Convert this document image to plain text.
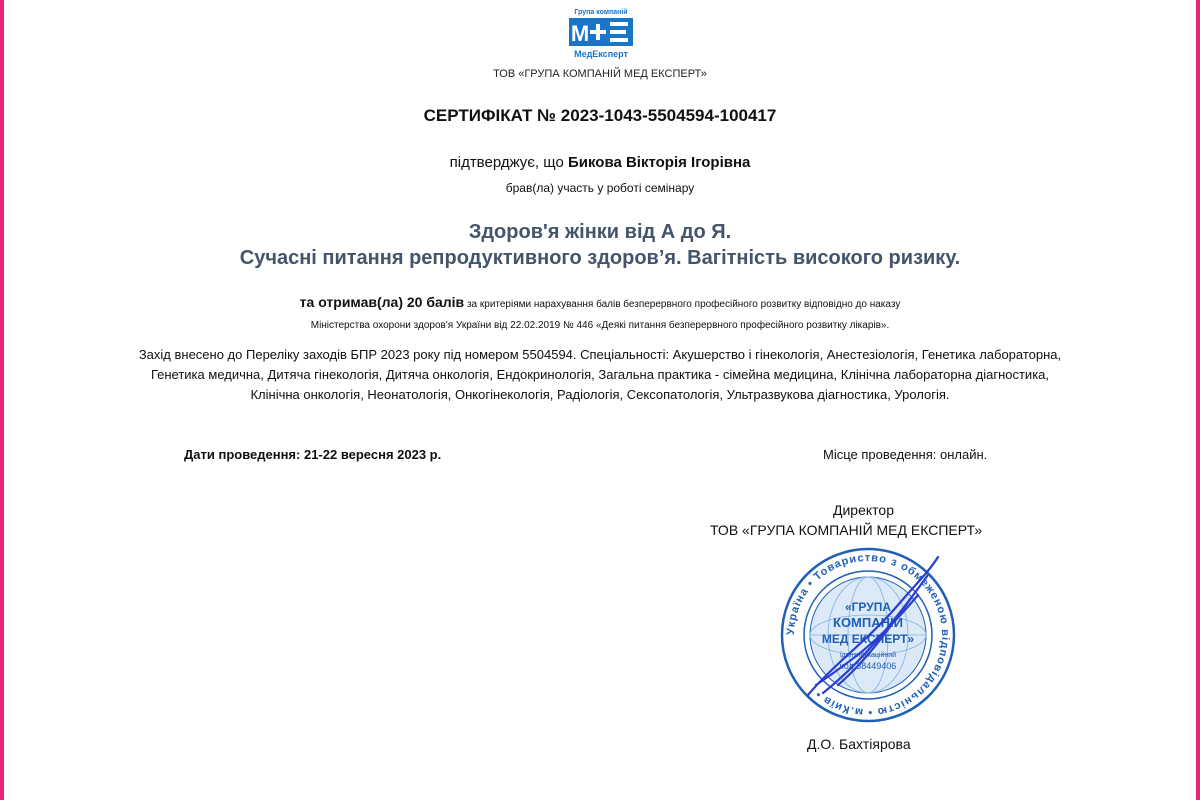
Група компаній
М
МедЕксперт
ТОВ «ГРУПА КОМПАНІЙ МЕД ЕКСПЕРТ»
СЕРТИФІКАТ № 2023-1043-5504594-100417
підтверджує, що Бикова Вікторія Ігорівна
брав(ла) участь у роботі семінару
Здоров'я жінки від А до Я.
Сучасні питання репродуктивного здоров’я. Вагітність високого ризику.
та отримав(ла) 20 балів за критеріями нарахування балів безперервного професійного розвитку відповідно до наказу
Міністерства охорони здоров'я України від 22.02.2019 № 446 «Деякі питання безперервного професійного розвитку лікарів».
Захід внесено до Переліку заходів БПР 2023 року під номером 5504594. Спеціальності: Акушерство і гінекологія, Анестезіологія, Генетика лабораторна,
Генетика медична, Дитяча гінекологія, Дитяча онкологія, Ендокринологія, Загальна практика - сімейна медицина, Клінічна лабораторна діагностика,
Клінічна онкологія, Неонатологія, Онкогінекологія, Радіологія, Сексопатологія, Ультразвукова діагностика, Урологія.
Дати проведення: 21-22 вересня 2023 р.	Місце проведення: онлайн.
Директор
ТОВ «ГРУПА КОМПАНІЙ МЕД ЕКСПЕРТ»
Україна • Товариство з обмеженою відповідальністю • м.Київ •
«ГРУПА
КОМПАНІЙ
МЕД ЕКСПЕРТ»
ідентифікаційний
код 38449406
Д.О. Бахтіярова
